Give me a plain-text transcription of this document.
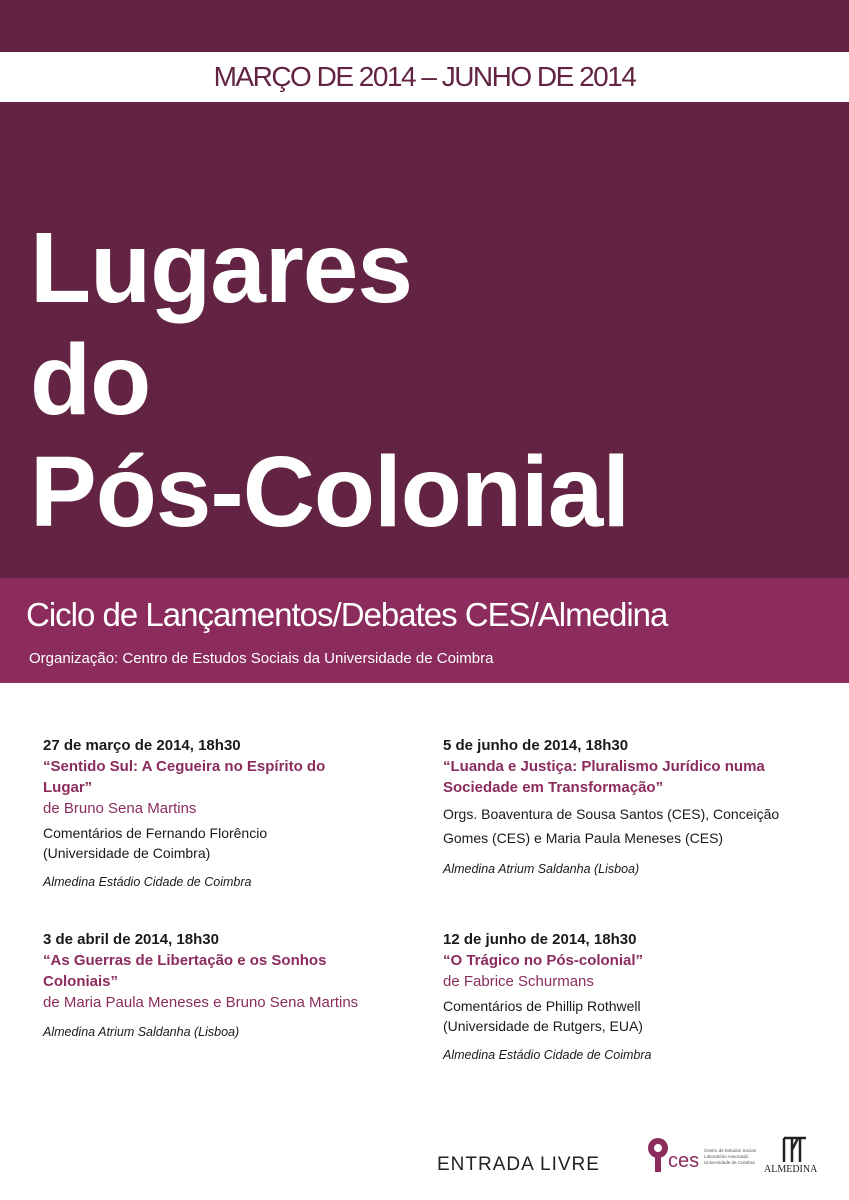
MARÇO DE 2014 – JUNHO DE 2014
Lugares
do
Pós-Colonial
Ciclo de Lançamentos/Debates CES/Almedina
Organização: Centro de Estudos Sociais da Universidade de Coimbra
27 de março de 2014, 18h30
“Sentido Sul: A Cegueira no Espírito do
Lugar”
de Bruno Sena Martins
Comentários de Fernando Florêncio
(Universidade de Coimbra)
Almedina Estádio Cidade de Coimbra
5 de junho de 2014, 18h30
“Luanda e Justiça: Pluralismo Jurídico numa
Sociedade em Transformação”
Orgs. Boaventura de Sousa Santos (CES), Conceição
Gomes (CES) e Maria Paula Meneses (CES)
Almedina Atrium Saldanha (Lisboa)
3 de abril de 2014, 18h30
“As Guerras de Libertação e os Sonhos
Coloniais”
de Maria Paula Meneses e Bruno Sena Martins
Almedina Atrium Saldanha (Lisboa)
12 de junho de 2014, 18h30
“O Trágico no Pós-colonial”
de Fabrice Schurmans
Comentários de Phillip Rothwell
(Universidade de Rutgers, EUA)
Almedina Estádio Cidade de Coimbra
ENTRADA LIVRE	ces Centro de Estudos Sociais
Laboratório Associado
Universidade de Coimbra
ALMEDINA
